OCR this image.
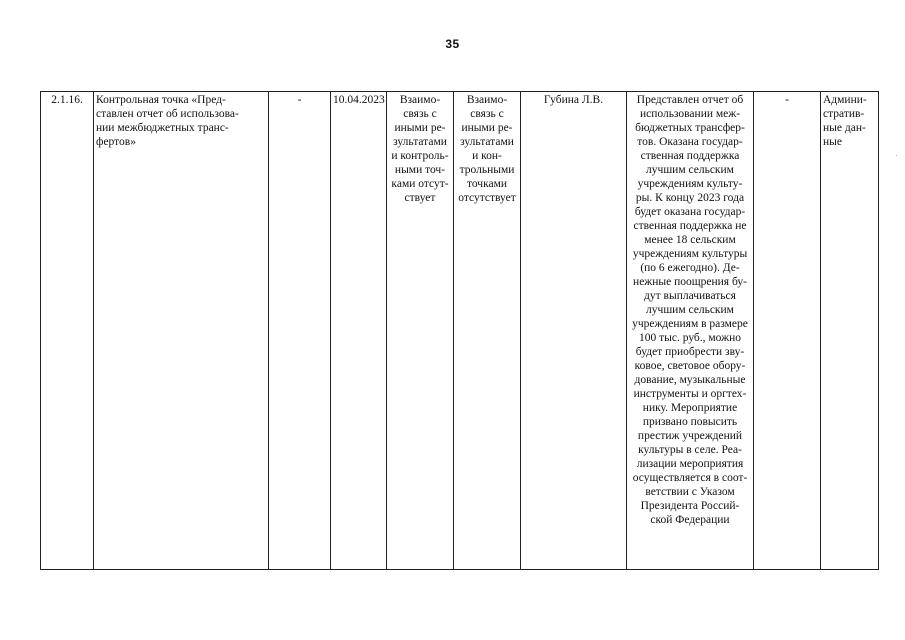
35
2.1.16.	Контрольная точка «Пред-
ставлен отчет об использова-
нии межбюджетных транс-
фертов»	-	10.04.2023	Взаимо-
связь с
иными ре-
зультатами
и контроль-
ными точ-
ками отсут-
ствует	Взаимо-
связь с
иными ре-
зультатами
и кон-
трольными
точками
отсутствует	Губина Л.В.	Представлен отчет об
использовании меж-
бюджетных трансфер-
тов. Оказана государ-
ственная поддержка
лучшим сельским
учреждениям культу-
ры. К концу 2023 года
будет оказана государ-
ственная поддержка не
менее 18 сельским
учреждениям культуры
(по 6 ежегодно). Де-
нежные поощрения бу-
дут выплачиваться
лучшим сельским
учреждениям в размере
100 тыс. руб., можно
будет приобрести зву-
ковое, световое обору-
дование, музыкальные
инструменты и оргтех-
нику. Мероприятие
призвано повысить
престиж учреждений
культуры в селе. Реа-
лизации мероприятия
осуществляется в соот-
ветствии с Указом
Президента Россий-
ской Федерации	-	Админи-
стратив-
ные дан-
ные
